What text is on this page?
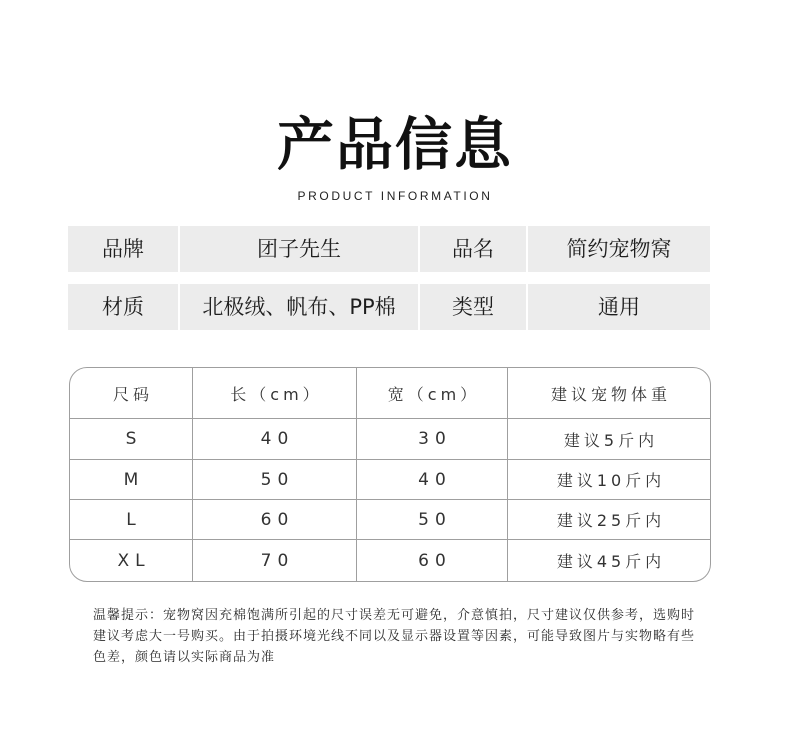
产品信息
PRODUCT INFORMATION
品牌	团子先生	品名	简约宠物窝
材质	北极绒、帆布、PP棉	类型	通用
尺码	长（cm）	宽（cm）	建议宠物体重
S	40	30	建议5斤内
M	50	40	建议10斤内
L	60	50	建议25斤内
XL	70	60	建议45斤内
温馨提示：宠物窝因充棉饱满所引起的尺寸误差无可避免，介意慎拍，尺寸建议仅供参考，选购时
建议考虑大一号购买。由于拍摄环境光线不同以及显示器设置等因素，可能导致图片与实物略有些
色差，颜色请以实际商品为准
